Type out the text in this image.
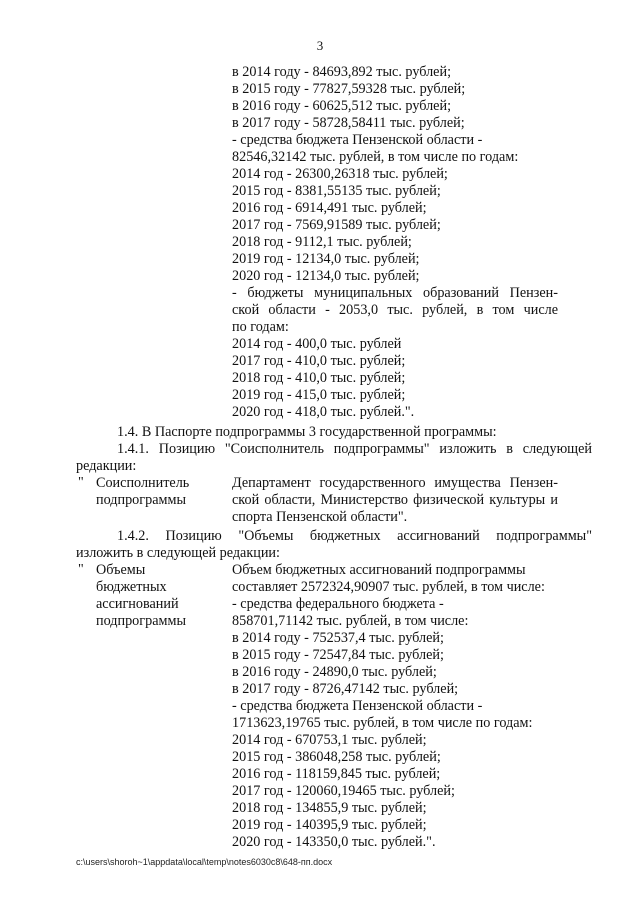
3
в 2014 году - 84693,892 тыс. рублей;
в 2015 году - 77827,59328 тыс. рублей;
в 2016 году - 60625,512 тыс. рублей;
в 2017 году - 58728,58411 тыс. рублей;
- средства бюджета Пензенской области -
82546,32142 тыс. рублей, в том числе по годам:
2014 год - 26300,26318 тыс. рублей;
2015 год - 8381,55135 тыс. рублей;
2016 год - 6914,491 тыс. рублей;
2017 год - 7569,91589 тыс. рублей;
2018 год - 9112,1 тыс. рублей;
2019 год - 12134,0 тыс. рублей;
2020 год - 12134,0 тыс. рублей;
- бюджеты муниципальных образований Пензен-
ской области - 2053,0 тыс. рублей, в том числе
по годам:
2014 год - 400,0 тыс. рублей
2017 год - 410,0 тыс. рублей;
2018 год - 410,0 тыс. рублей;
2019 год - 415,0 тыс. рублей;
2020 год - 418,0 тыс. рублей.".
1.4. В Паспорте подпрограммы 3 государственной программы:
1.4.1. Позицию "Соисполнитель подпрограммы" изложить в следующей
редакции:
" Соисполнитель
подпрограммы
Департамент государственного имущества Пензен-
ской области, Министерство физической культуры и
спорта Пензенской области".
1.4.2. Позицию "Объемы бюджетных ассигнований подпрограммы"
изложить в следующей редакции:
" Объемы
бюджетных
ассигнований
подпрограммы
Объем бюджетных ассигнований подпрограммы
составляет 2572324,90907 тыс. рублей, в том числе:
- средства федерального бюджета -
858701,71142 тыс. рублей, в том числе:
в 2014 году - 752537,4 тыс. рублей;
в 2015 году - 72547,84 тыс. рублей;
в 2016 году - 24890,0 тыс. рублей;
в 2017 году - 8726,47142 тыс. рублей;
- средства бюджета Пензенской области -
1713623,19765 тыс. рублей, в том числе по годам:
2014 год - 670753,1 тыс. рублей;
2015 год - 386048,258 тыс. рублей;
2016 год - 118159,845 тыс. рублей;
2017 год - 120060,19465 тыс. рублей;
2018 год - 134855,9 тыс. рублей;
2019 год - 140395,9 тыс. рублей;
2020 год - 143350,0 тыс. рублей.".
c:\users\shoroh~1\appdata\local\temp\notes6030c8\648-пп.docx
